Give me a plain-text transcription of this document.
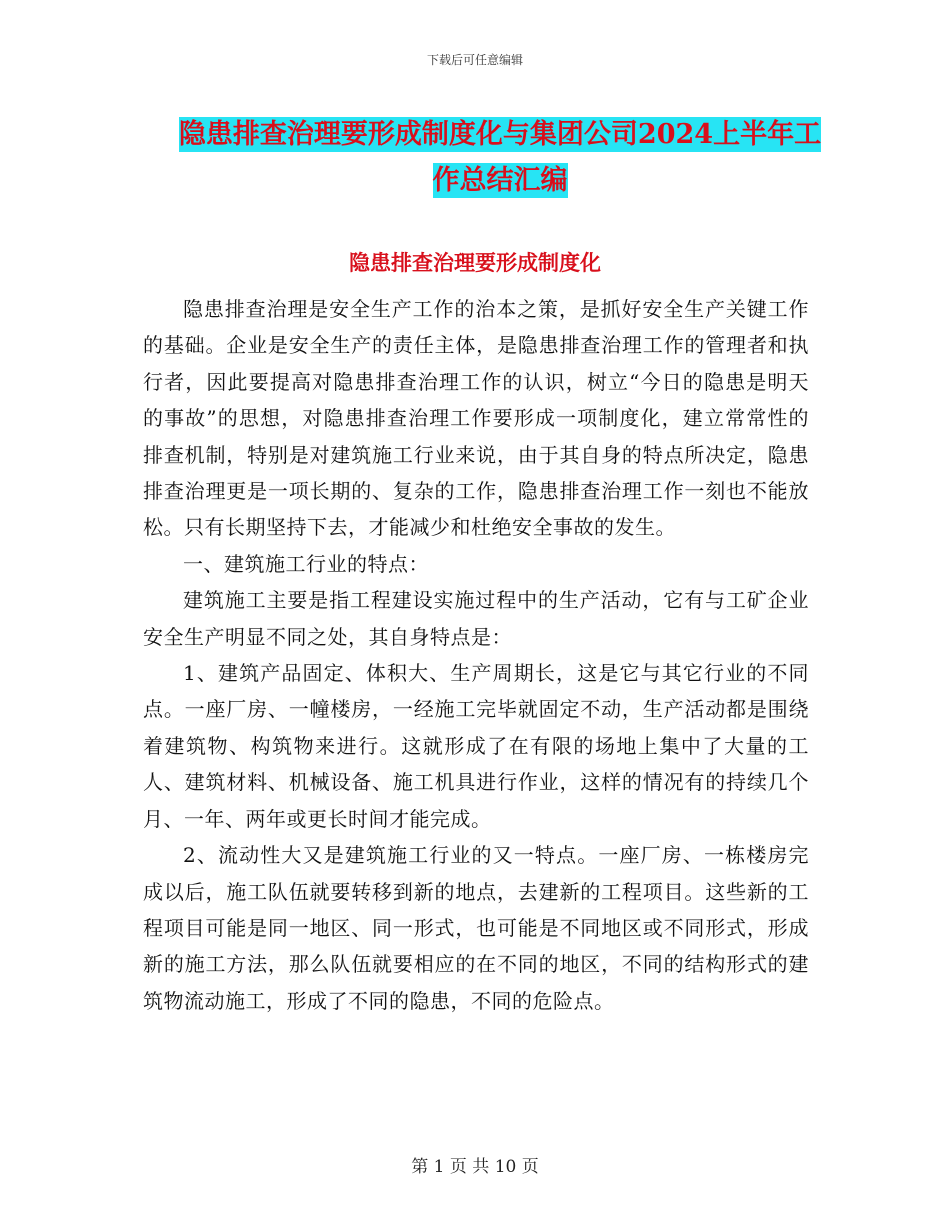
下载后可任意编辑
隐患排查治理要形成制度化与集团公司2024上半年工
作总结汇编
隐患排查治理要形成制度化

隐患排查治理是安全生产工作的治本之策，是抓好安全生产关键工作的基础。企业是安全生产的责任主体，是隐患排查治理工作的管理者和执行者，因此要提高对隐患排查治理工作的认识，树立“今日的隐患是明天的事故”的思想，对隐患排查治理工作要形成一项制度化，建立常常性的排查机制，特别是对建筑施工行业来说，由于其自身的特点所决定，隐患排查治理更是一项长期的、复杂的工作，隐患排查治理工作一刻也不能放松。只有长期坚持下去，才能减少和杜绝安全事故的发生。

一、建筑施工行业的特点：

建筑施工主要是指工程建设实施过程中的生产活动，它有与工矿企业安全生产明显不同之处，其自身特点是：

1、建筑产品固定、体积大、生产周期长，这是它与其它行业的不同点。一座厂房、一幢楼房，一经施工完毕就固定不动，生产活动都是围绕着建筑物、构筑物来进行。这就形成了在有限的场地上集中了大量的工人、建筑材料、机械设备、施工机具进行作业，这样的情况有的持续几个月、一年、两年或更长时间才能完成。

2、流动性大又是建筑施工行业的又一特点。一座厂房、一栋楼房完成以后，施工队伍就要转移到新的地点，去建新的工程项目。这些新的工程项目可能是同一地区、同一形式，也可能是不同地区或不同形式，形成新的施工方法，那么队伍就要相应的在不同的地区，不同的结构形式的建筑物流动施工，形成了不同的隐患，不同的危险点。

第 1 页 共 10 页
